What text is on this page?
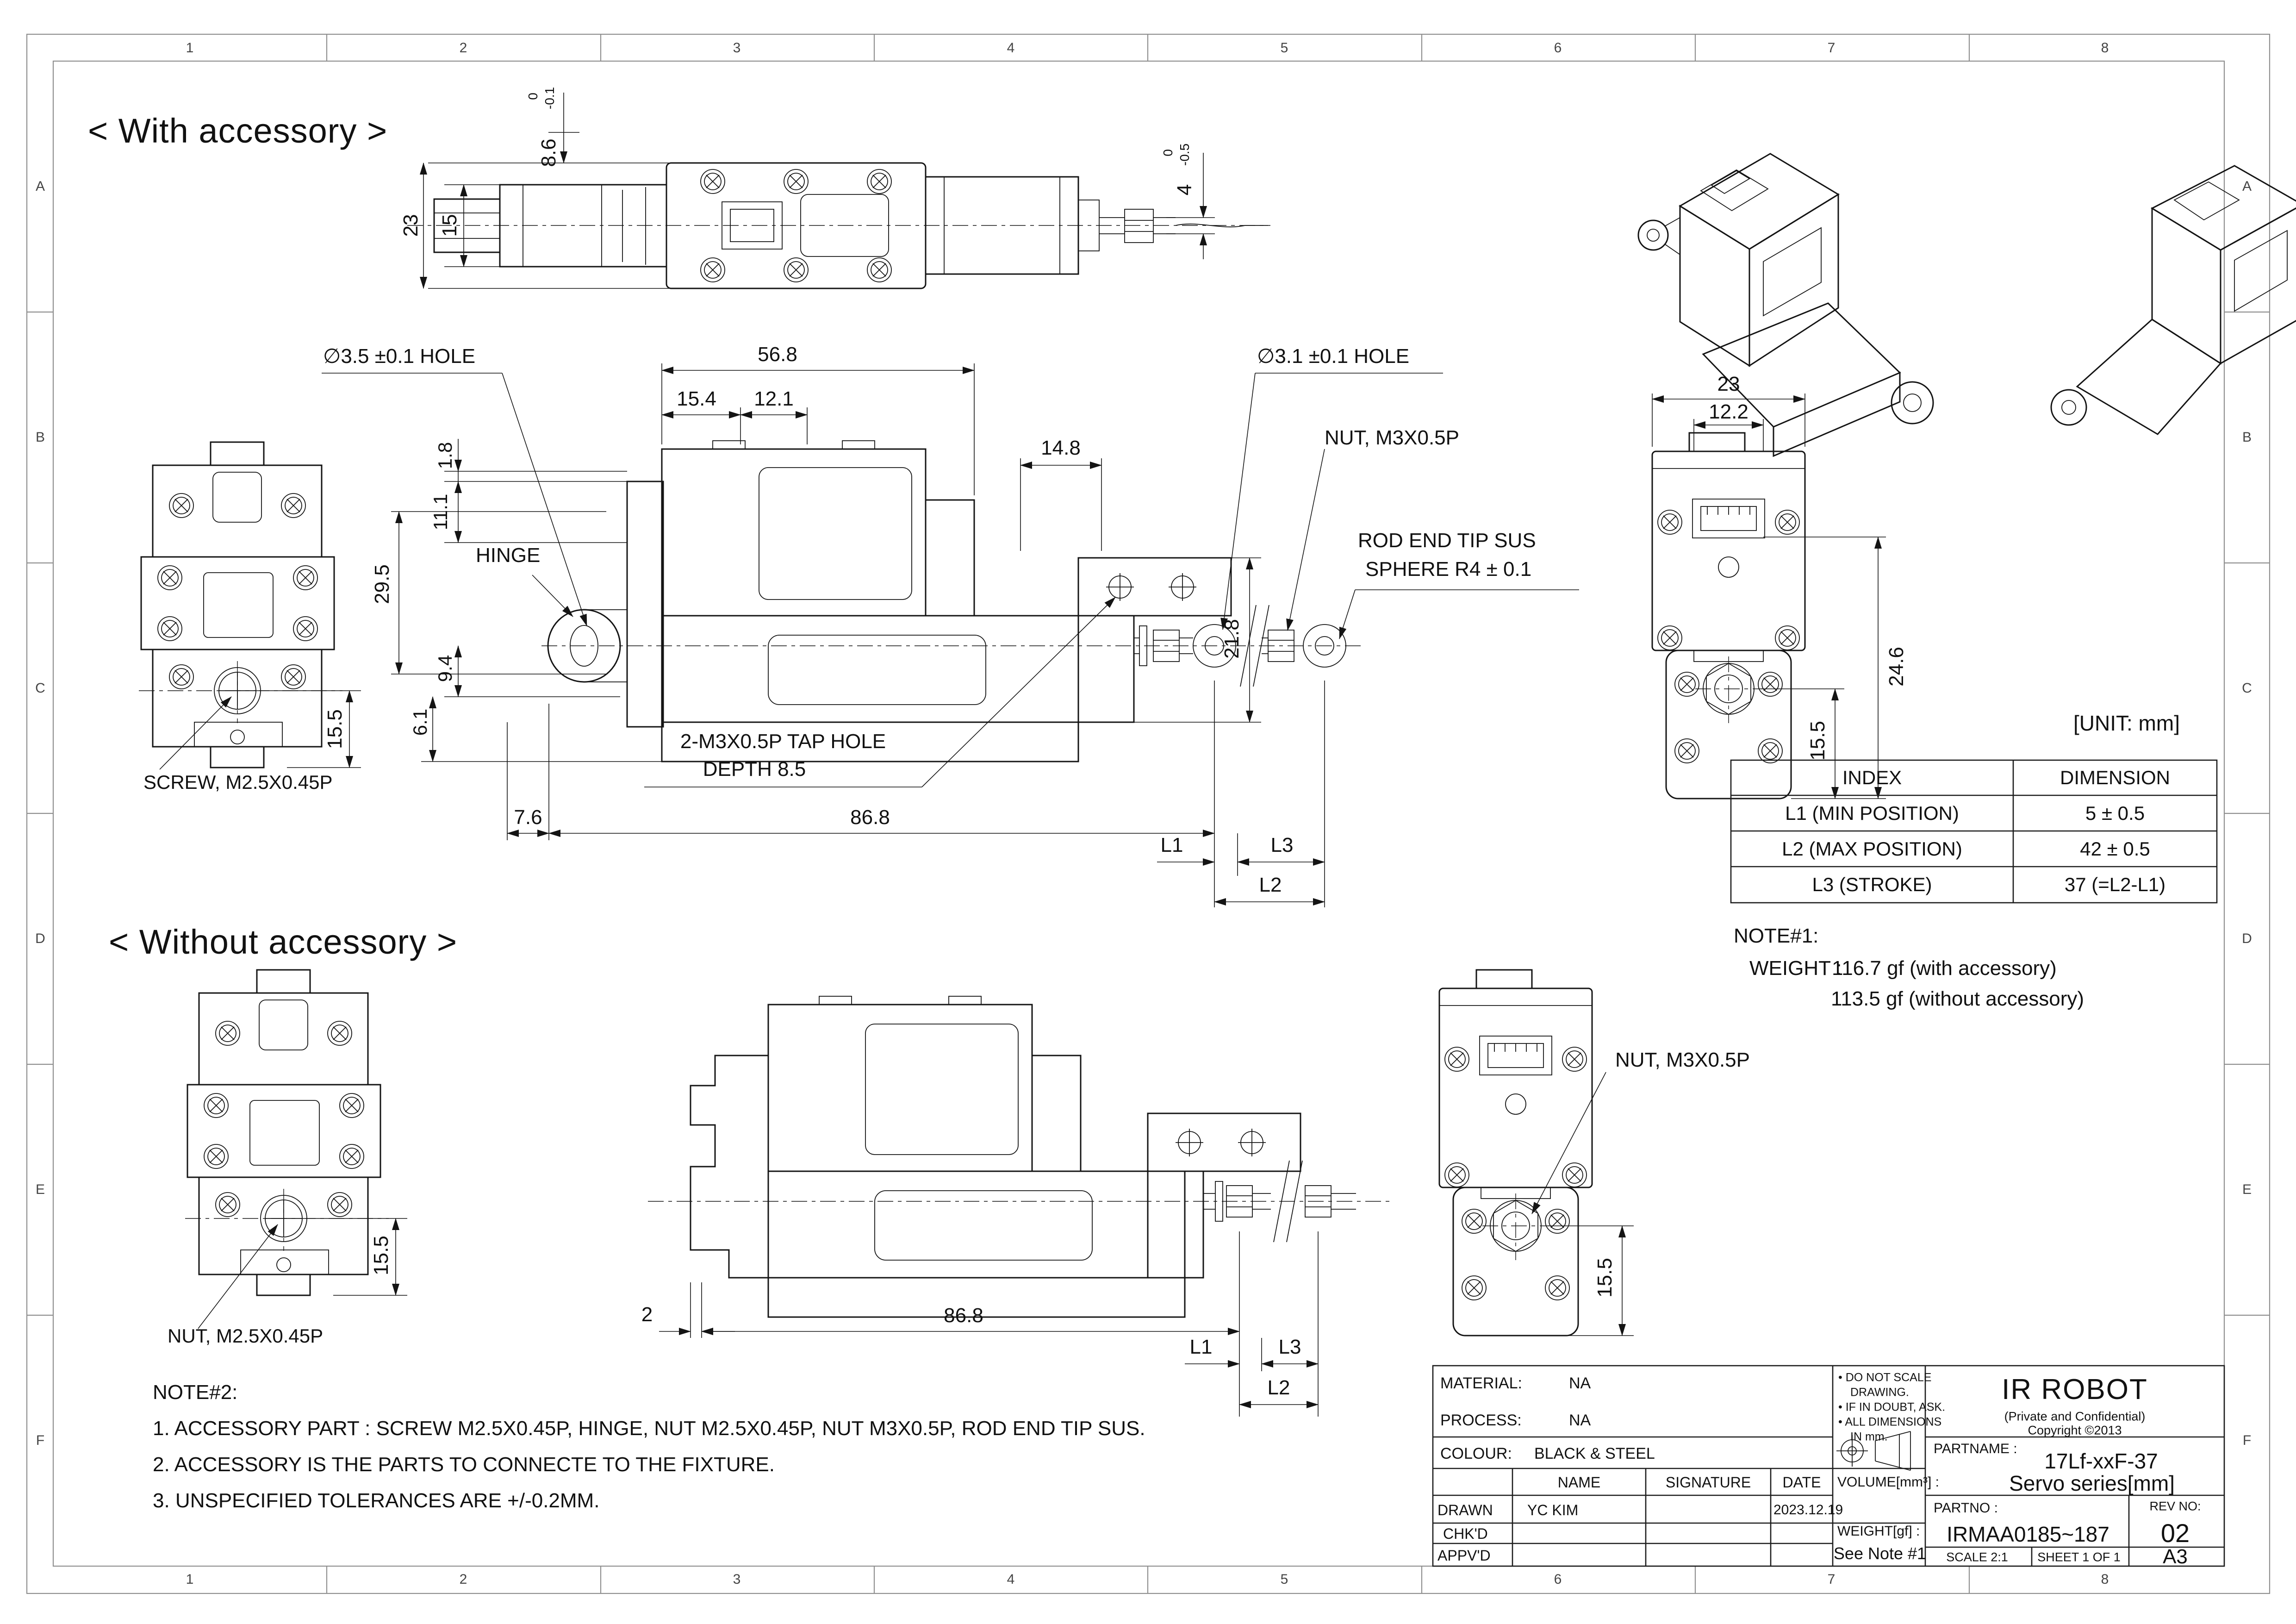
1	2	3	4	5	6	7	8
1	2	3	4	5	6	7	8
A
B
C
D
E
F
A
B
C
D
E
F
< With accessory >
< Without accessory >
[UNIT: mm]
23 15
8.6
0 -0.1
4
0 -0.5
SCREW, M2.5X0.45P
15.5
∅3.5 ±0.1 HOLE	56.8
15.4 12.1
1.8
11.1
29.5
9.4
6.1
HINGE
14.8
21.8
∅3.1 ±0.1 HOLE
NUT, M3X0.5P
ROD END TIP SUS
SPHERE R4 ± 0.1
2-M3X0.5P TAP HOLE
DEPTH 8.5
7.6	86.8
L1	L3
L2
23
12.2
24.6
15.5
INDEX	DIMENSION
L1 (MIN POSITION)	5 ± 0.5
L2 (MAX POSITION)	42 ± 0.5
L3 (STROKE)	37 (=L2-L1)
NOTE#1:
WEIGHT :
116.7 gf (with accessory)
113.5 gf (without accessory)
NUT, M2.5X0.45P
15.5
2	86.8
L1	L3
L2
NUT, M3X0.5P
15.5
NOTE#2:
1. ACCESSORY PART : SCREW M2.5X0.45P, HINGE, NUT M2.5X0.45P, NUT M3X0.5P, ROD END TIP SUS.
2. ACCESSORY IS THE PARTS TO CONNECTE TO THE FIXTURE.
3. UNSPECIFIED TOLERANCES ARE +/-0.2MM.
MATERIAL:	NA
PROCESS:	NA
COLOUR: BLACK & STEEL
NAME	SIGNATURE DATE
DRAWN YC KIM	2023.12.19
CHK'D
APPV'D
• DO NOT SCALE
DRAWING.
• IF IN DOUBT, ASK.
• ALL DIMENSIONS
IN mm.
VOLUME[mm³] :
WEIGHT[gf] :
See Note #1
IR ROBOT
(Private and Confidential)
Copyright ©2013
PARTNAME :
17Lf-xxF-37
Servo series[mm]
PARTNO :
IRMAA0185~187
REV NO:
02
SCALE 2:1 SHEET 1 OF 1 A3
